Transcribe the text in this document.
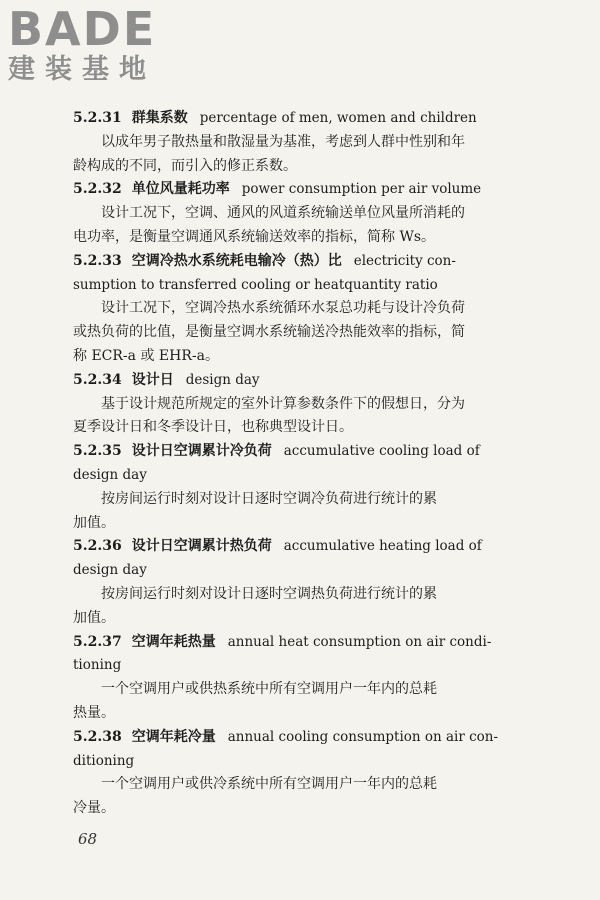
BADE
建装基地
5.2.31 群集系数 percentage of men, women and children
以成年男子散热量和散湿量为基准，考虑到人群中性别和年
龄构成的不同，而引入的修正系数。
5.2.32 单位风量耗功率 power consumption per air volume
设计工况下，空调、通风的风道系统输送单位风量所消耗的
电功率，是衡量空调通风系统输送效率的指标，简称 Ws。
5.2.33 空调冷热水系统耗电输冷（热）比 electricity con-
sumption to transferred cooling or heatquantity ratio
设计工况下，空调冷热水系统循环水泵总功耗与设计冷负荷
或热负荷的比值，是衡量空调水系统输送冷热能效率的指标，简
称 ECR-a 或 EHR-a。
5.2.34 设计日 design day
基于设计规范所规定的室外计算参数条件下的假想日，分为
夏季设计日和冬季设计日，也称典型设计日。
5.2.35 设计日空调累计冷负荷 accumulative cooling load of
design day
按房间运行时刻对设计日逐时空调冷负荷进行统计的累
加值。
5.2.36 设计日空调累计热负荷 accumulative heating load of
design day
按房间运行时刻对设计日逐时空调热负荷进行统计的累
加值。
5.2.37 空调年耗热量 annual heat consumption on air condi-
tioning
一个空调用户或供热系统中所有空调用户一年内的总耗
热量。
5.2.38 空调年耗冷量 annual cooling consumption on air con-
ditioning
一个空调用户或供冷系统中所有空调用户一年内的总耗
冷量。
68
